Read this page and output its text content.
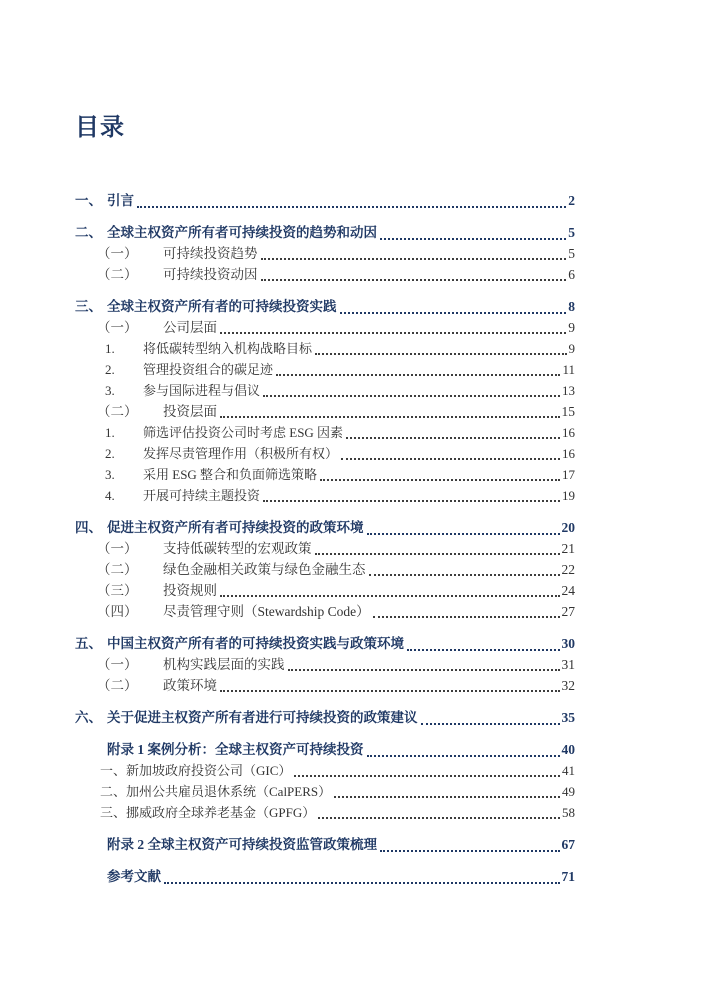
目录
一、 引言	2
二、 全球主权资产所有者可持续投资的趋势和动因	5
（一）	可持续投资趋势	5
（二）	可持续投资动因	6
三、 全球主权资产所有者的可持续投资实践	8
（一）	公司层面	9
1.	将低碳转型纳入机构战略目标	9
2.	管理投资组合的碳足迹	11
3.	参与国际进程与倡议	13
（二）	投资层面	15
1.	筛选评估投资公司时考虑 ESG 因素	16
2.	发挥尽责管理作用（积极所有权）	16
3.	采用 ESG 整合和负面筛选策略	17
4.	开展可持续主题投资	19
四、 促进主权资产所有者可持续投资的政策环境	20
（一）	支持低碳转型的宏观政策	21
（二）	绿色金融相关政策与绿色金融生态	22
（三）	投资规则	24
（四）	尽责管理守则（Stewardship Code）	27
五、 中国主权资产所有者的可持续投资实践与政策环境	30
（一）	机构实践层面的实践	31
（二）	政策环境	32
六、 关于促进主权资产所有者进行可持续投资的政策建议	35
附录 1 案例分析：全球主权资产可持续投资	40
一、新加坡政府投资公司（GIC）	41
二、加州公共雇员退休系统（CalPERS）	49
三、挪威政府全球养老基金（GPFG）	58
附录 2 全球主权资产可持续投资监管政策梳理	67
参考文献	71
